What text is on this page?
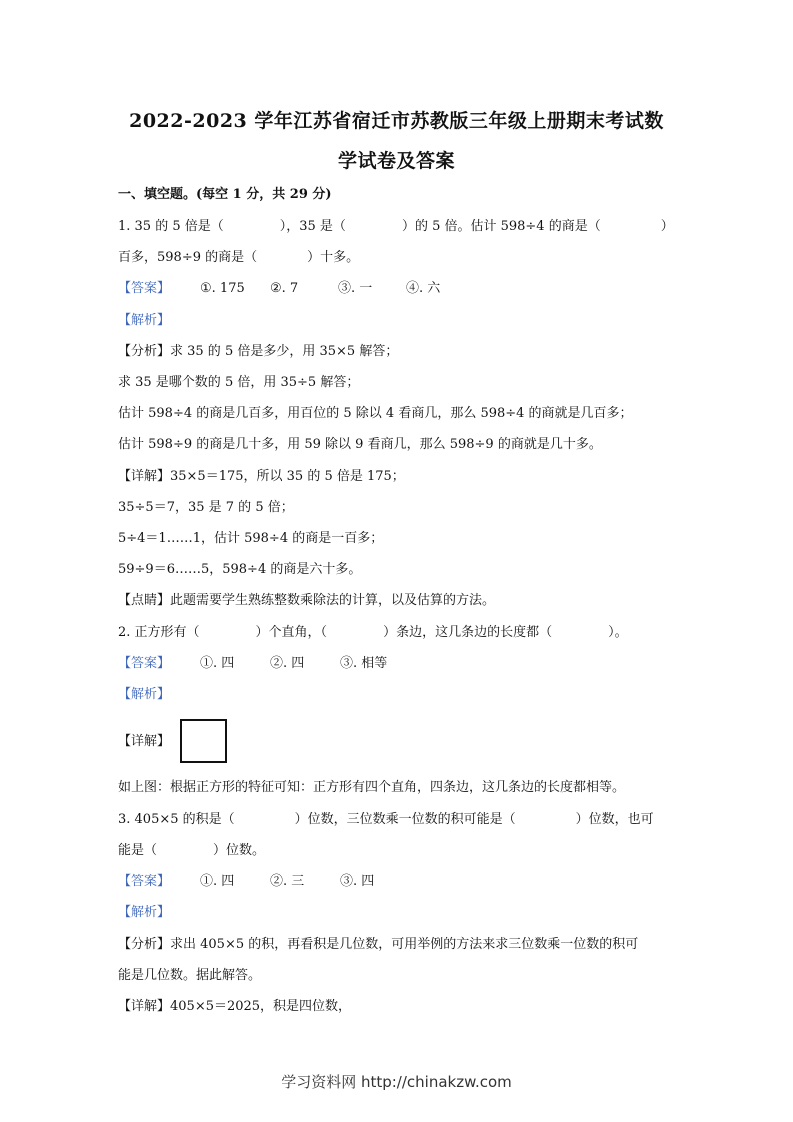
2022-2023 学年江苏省宿迁市苏教版三年级上册期末考试数
学试卷及答案
一、填空题。(每空 1 分，共 29 分)
1. 35 的 5 倍是（	），35 是（	）的 5 倍。估计 598÷4 的商是（	）
百多，598÷9 的商是（	）十多。
【答案】 ①. 175 ②. 7	③. 一	④. 六
【解析】
【分析】求 35 的 5 倍是多少，用 35×5 解答；
求 35 是哪个数的 5 倍，用 35÷5 解答；
估计 598÷4 的商是几百多，用百位的 5 除以 4 看商几，那么 598÷4 的商就是几百多；
估计 598÷9 的商是几十多，用 59 除以 9 看商几，那么 598÷9 的商就是几十多。
【详解】35×5＝175，所以 35 的 5 倍是 175；
35÷5＝7，35 是 7 的 5 倍；
5÷4＝1……1，估计 598÷4 的商是一百多；
59÷9＝6……5，598÷4 的商是六十多。
【点睛】此题需要学生熟练整数乘除法的计算，以及估算的方法。
2. 正方形有（	）个直角，（	）条边，这几条边的长度都（	）。
【答案】 ①. 四	②. 四	③. 相等
【解析】
【详解】
如上图：根据正方形的特征可知：正方形有四个直角，四条边，这几条边的长度都相等。
3. 405×5 的积是（	）位数，三位数乘一位数的积可能是（	）位数，也可
能是（	）位数。
【答案】 ①. 四	②. 三	③. 四
【解析】
【分析】求出 405×5 的积，再看积是几位数，可用举例的方法来求三位数乘一位数的积可
能是几位数。据此解答。
【详解】405×5＝2025，积是四位数，
学习资料网 http://chinakzw.com
